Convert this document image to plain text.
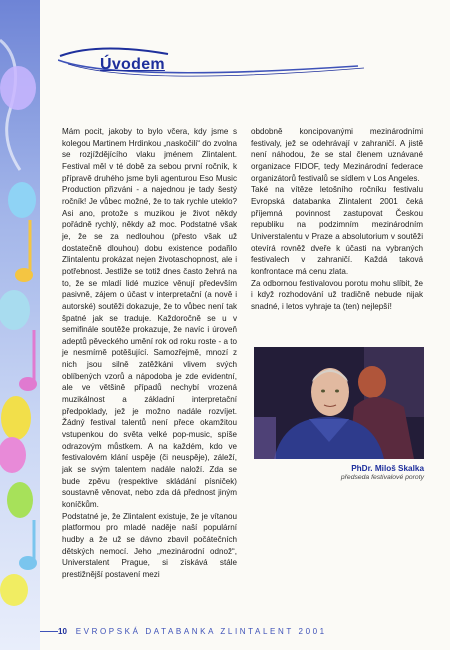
Úvodem

Mám pocit, jakoby to bylo včera, kdy jsme s kolegou Martinem Hrdinkou „naskočili“ do zvolna se rozjíždějícího vlaku jménem Zlintalent. Festival měl v té době za sebou první ročník, k přípravě druhého jsme byli agenturou Eso Music Production přizváni - a najednou je tady šestý ročník! Je vůbec možné, že to tak rychle uteklo? Asi ano, protože s muzikou je život někdy pořádně rychlý, někdy až moc. Podstatné však je, že se za nedlouhou (přesto však už dostatečně dlouhou) dobu existence podařilo Zlintalentu prokázat nejen životaschopnost, ale i potřebnost. Jestliže se totiž dnes často žehrá na to, že se mladí lidé muzice věnují především pasivně, zájem o účast v interpretační (a nově i autorské) soutěži dokazuje, že to vůbec není tak špatné jak se traduje. Každoročně se u v semifinále soutěže prokazuje, že navíc i úroveň adeptů pěveckého umění rok od roku roste - a to je nesmírně potěšující. Samozřejmě, mnozí z nich jsou silně zatěžkáni vlivem svých oblíbených vzorů a nápodoba je zde evidentní, ale ve většině případů nechybí vrozená muzikálnost a základní interpretační předpoklady, jež je možno nadále rozvíjet. Žádný festival talentů není přece okamžitou vstupenkou do světa velké pop-music, spíše odrazovým můstkem. A na každém, kdo ve festivalovém klání uspěje (či neuspěje), záleží, jak se svým talentem nadále naloží. Zda se bude zpěvu (respektive skládání písniček) soustavně věnovat, nebo zda dá přednost jiným koníčkům.

Podstatné je, že Zlintalent existuje, že je vítanou platformou pro mladé naděje naší populární hudby a že už se dávno zbavil počátečních dětských nemocí. Jeho „mezinárodní odnož“, Universtalent Prague, si získává stále prestižnější postavení mezi

obdobně koncipovanými mezinárodními festivaly, jež se odehrávají v zahraničí. A jistě není náhodou, že se stal členem uznávané organizace FIDOF, tedy Mezinárodní federace organizátorů festivalů se sídlem v Los Angeles.

Také na vítěze letošního ročníku festivalu Evropská databanka Zlintalent 2001 čeká příjemná povinnost zastupovat Českou republiku na podzimním mezinárodním Universtalentu v Praze a absolutorium v soutěži otevírá rovněž dveře k účasti na vybraných festivalech v zahraničí. Každá taková konfrontace má cenu zlata.

Za odbornou festivalovou porotu mohu slíbit, že i když rozhodování už tradičně nebude nijak snadné, i letos vyhraje ta (ten) nejlepší!

PhDr. Miloš Skalka
předseda festivalové poroty
10 EVROPSKÁ DATABANKA ZLINTALENT 2001
